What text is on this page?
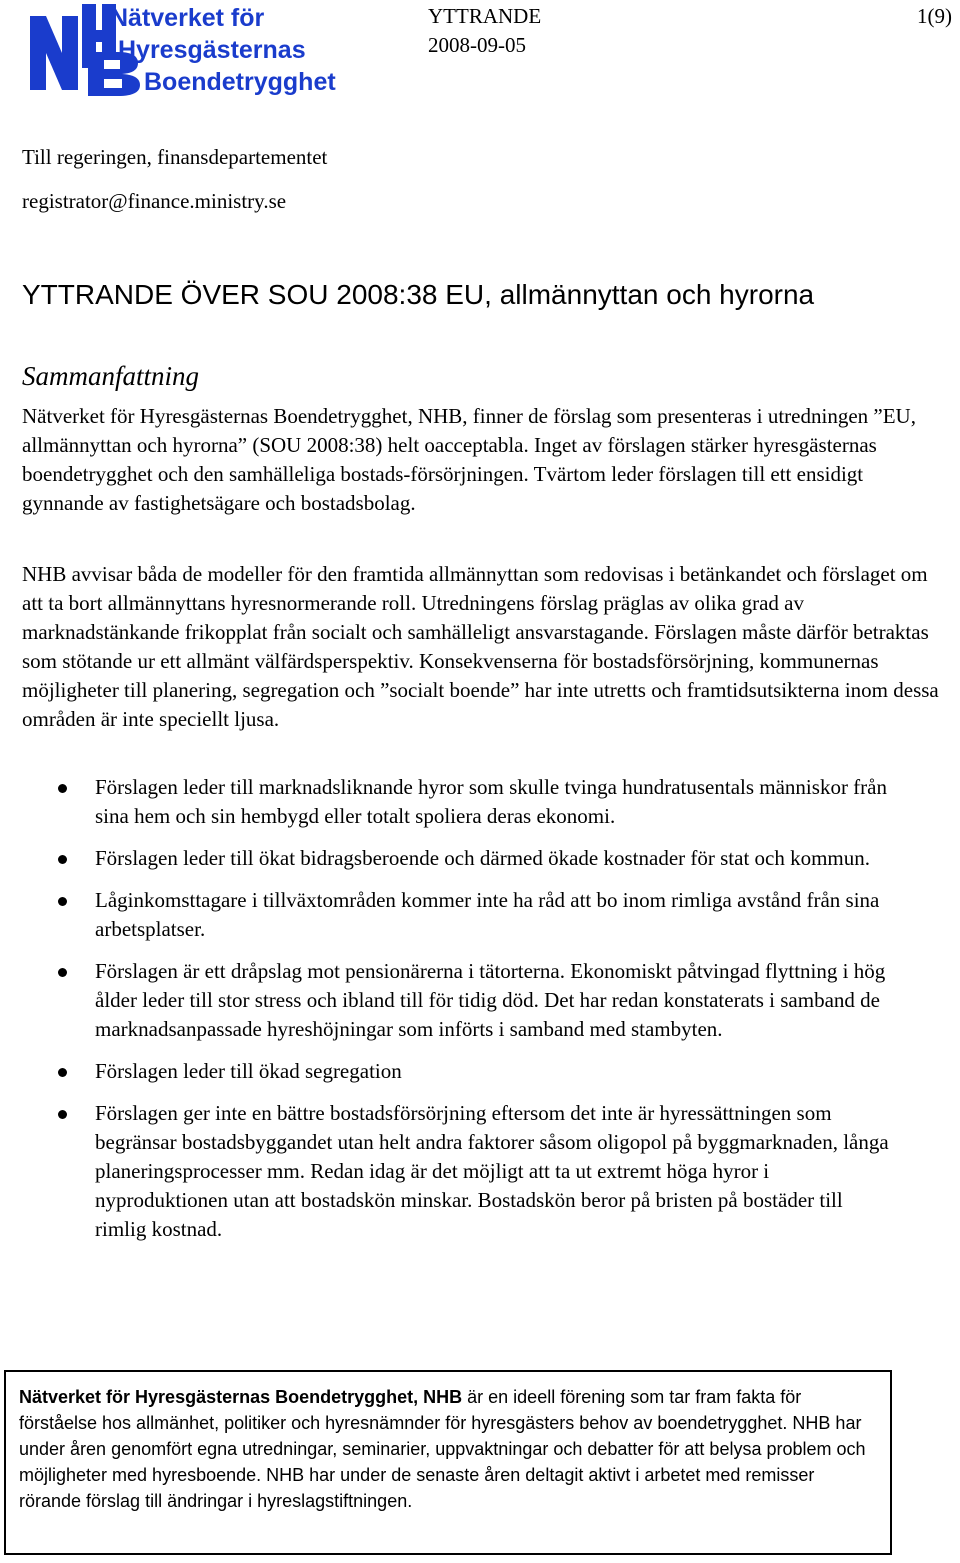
Nätverket för
Hyresgästernas
Boendetrygghet
YTTRANDE
2008-09-05
1(9)
Till regeringen, finansdepartementet
registrator@finance.ministry.se
YTTRANDE ÖVER SOU 2008:38 EU, allmännyttan och hyrorna
Sammanfattning

Nätverket för Hyresgästernas Boendetrygghet, NHB, finner de förslag som presenteras i utredningen ”EU, allmännyttan och hyrorna” (SOU 2008:38) helt oacceptabla. Inget av förslagen stärker hyresgästernas boendetrygghet och den samhälleliga bostads-försörjningen. Tvärtom leder förslagen till ett ensidigt gynnande av fastighetsägare och bostadsbolag.

NHB avvisar båda de modeller för den framtida allmännyttan som redovisas i betänkandet och förslaget om att ta bort allmännyttans hyresnormerande roll. Utredningens förslag präglas av olika grad av marknadstänkande frikopplat från socialt och samhälleligt ansvarstagande. Förslagen måste därför betraktas som stötande ur ett allmänt välfärdsperspektiv. Konsekvenserna för bostadsförsörjning, kommunernas möjligheter till planering, segregation och ”socialt boende” har inte utretts och framtidsutsikterna inom dessa områden är inte speciellt ljusa.

Förslagen leder till marknadsliknande hyror som skulle tvinga hundratusentals människor från sina hem och sin hembygd eller totalt spoliera deras ekonomi.
Förslagen leder till ökat bidragsberoende och därmed ökade kostnader för stat och kommun.
Låginkomsttagare i tillväxtområden kommer inte ha råd att bo inom rimliga avstånd från sina arbetsplatser.
Förslagen är ett dråpslag mot pensionärerna i tätorterna. Ekonomiskt påtvingad flyttning i hög ålder leder till stor stress och ibland till för tidig död. Det har redan konstaterats i samband de marknadsanpassade hyreshöjningar som införts i samband med stambyten.
Förslagen leder till ökad segregation
Förslagen ger inte en bättre bostadsförsörjning eftersom det inte är hyressättningen som begränsar bostadsbyggandet utan helt andra faktorer såsom oligopol på byggmarknaden, långa planeringsprocesser mm. Redan idag är det möjligt att ta ut extremt höga hyror i nyproduktionen utan att bostadskön minskar. Bostadskön beror på bristen på bostäder till rimlig kostnad.
Nätverket för Hyresgästernas Boendetrygghet, NHB är en ideell förening som tar fram fakta för förståelse hos allmänhet, politiker och hyresnämnder för hyresgästers behov av boendetrygghet. NHB har under åren genomfört egna utredningar, seminarier, uppvaktningar och debatter för att belysa problem och möjligheter med hyresboende. NHB har under de senaste åren deltagit aktivt i arbetet med remisser rörande förslag till ändringar i hyreslagstiftningen.
